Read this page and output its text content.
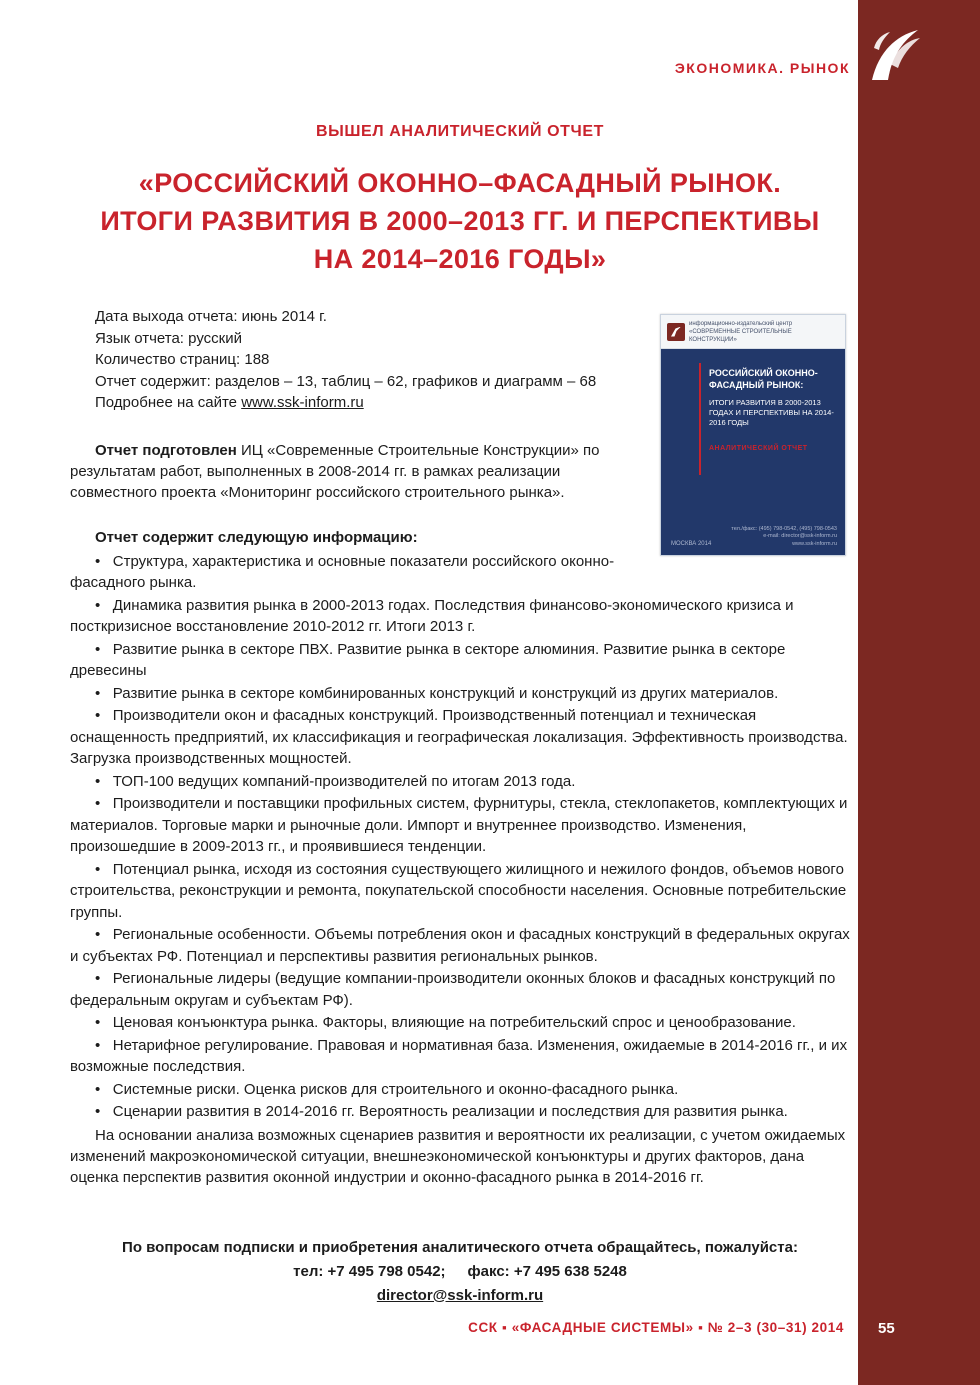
55
ССК ▪ «ФАСАДНЫЕ СИСТЕМЫ» ▪ № 2–3 (30–31) 2014
ЭКОНОМИКА. РЫНОК
ВЫШЕЛ АНАЛИТИЧЕСКИЙ ОТЧЕТ
«РОССИЙСКИЙ ОКОННО–ФАСАДНЫЙ РЫНОК.
ИТОГИ РАЗВИТИЯ В 2000–2013 ГГ. И ПЕРСПЕКТИВЫ
НА 2014–2016 ГОДЫ»
информационно-издательский центр
«СОВРЕМЕННЫЕ СТРОИТЕЛЬНЫЕ КОНСТРУКЦИИ»
РОССИЙСКИЙ ОКОННО-ФАСАДНЫЙ РЫНОК:
ИТОГИ РАЗВИТИЯ В 2000-2013 ГОДАХ И ПЕРСПЕКТИВЫ НА 2014-2016 ГОДЫ
АНАЛИТИЧЕСКИЙ ОТЧЕТ
МОСКВА 2014
тел./факс: (495) 798-0542, (495) 798-0543
e-mail: director@ssk-inform.ru
www.ssk-inform.ru
Дата выхода отчета: июнь 2014 г.
Язык отчета: русский
Количество страниц: 188
Отчет содержит: разделов – 13, таблиц – 62, графиков и диаграмм – 68
Подробнее на сайте www.ssk-inform.ru

Отчет подготовлен ИЦ «Современные Строительные Конструкции» по результатам работ, выполненных в 2008-2014 гг. в рамках реализации совместного проекта «Мониторинг российского строительного рынка».

Отчет содержит следующую информацию:

•   Структура, характеристика и основные показатели российского оконно-фасадного рынка.
•   Динамика развития рынка в 2000-2013 годах. Последствия финансово-экономического кризиса и посткризисное восстановление 2010-2012 гг. Итоги 2013 г.
•   Развитие рынка в секторе ПВХ. Развитие рынка в секторе алюминия. Развитие рынка в секторе древесины
•   Развитие рынка в секторе комбинированных конструкций и конструкций из других материалов.
•   Производители окон и фасадных конструкций. Производственный потенциал и техническая оснащенность предприятий, их классификация и географическая локализация. Эффективность производства. Загрузка производственных мощностей.
•   ТОП-100 ведущих компаний-производителей по итогам 2013 года.
•   Производители и поставщики профильных систем, фурнитуры, стекла, стеклопакетов, комплектующих и материалов. Торговые марки и рыночные доли. Импорт и внутреннее производство. Изменения, произошедшие в 2009-2013 гг., и проявившиеся тенденции.
•   Потенциал рынка, исходя из состояния существующего жилищного и нежилого фондов, объемов нового строительства, реконструкции и ремонта, покупательской способности населения. Основные потребительские группы.
•   Региональные особенности. Объемы потребления окон и фасадных конструкций в федеральных округах и субъектах РФ. Потенциал и перспективы развития региональных рынков.
•   Региональные лидеры (ведущие компании-производители оконных блоков и фасадных конструкций по федеральным округам и субъектам РФ).
•   Ценовая конъюнктура рынка. Факторы, влияющие на потребительский спрос и ценообразование.
•   Нетарифное регулирование. Правовая и нормативная база. Изменения, ожидаемые в 2014-2016 гг., и их возможные последствия.
•   Системные риски. Оценка рисков для строительного и оконно-фасадного рынка.
•   Сценарии развития в 2014-2016 гг. Вероятность реализации и последствия для развития рынка.

На основании анализа возможных сценариев развития и вероятности их реализации, с учетом ожидаемых изменений макроэкономической ситуации, внешнеэкономической конъюнктуры и других факторов, дана оценка перспектив развития оконной индустрии и оконно-фасадного рынка в 2014-2016 гг.

По вопросам подписки и приобретения аналитического отчета обращайтесь, пожалуйста:
тел: +7 495 798 0542; факс: +7 495 638 5248
director@ssk-inform.ru
